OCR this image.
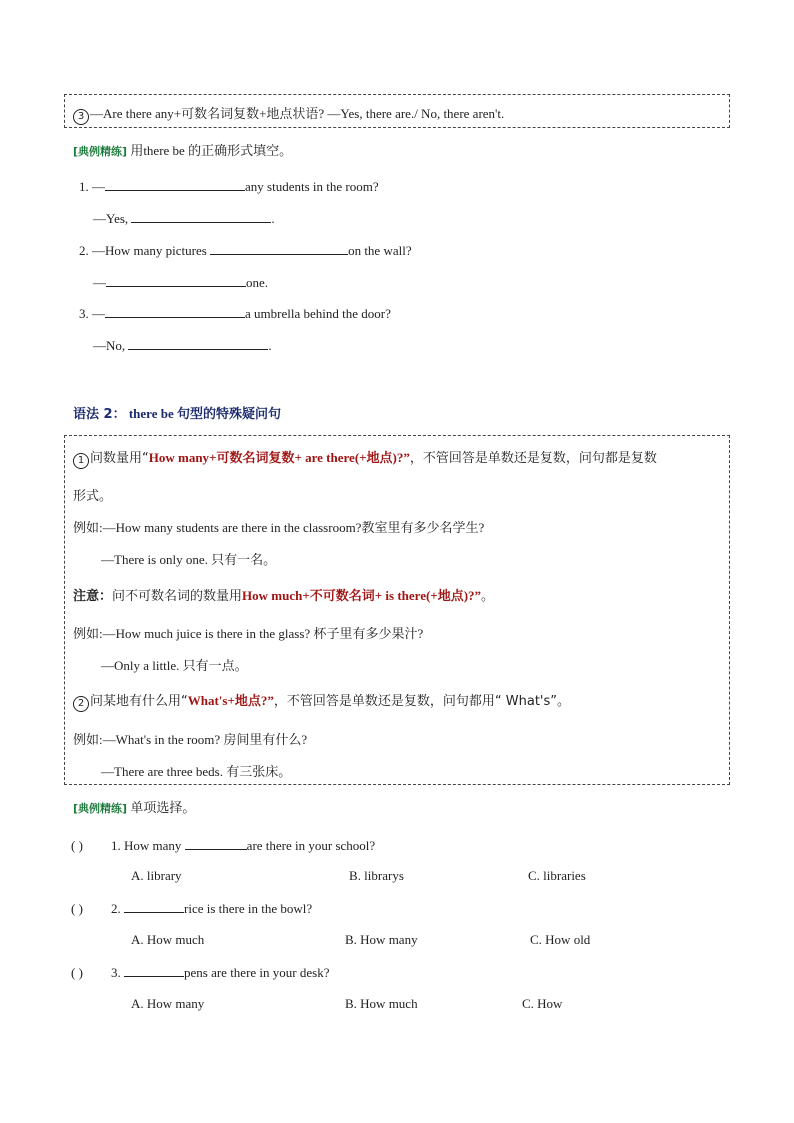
3 —Are there any+可数名词复数+地点状语? —Yes, there are./ No, there aren't.
[典例精练] 用there be 的正确形式填空。
1. —	any students in the room?
—Yes,	.
2. —How many pictures	on the wall?
—	one.
3. —	a umbrella behind the door?
—No,	.
语法 2： there be 句型的特殊疑问句
1 问数量用“How many+可数名词复数+ are there(+地点)?”，不管回答是单数还是复数，问句都是复数
形式。
例如:—How many students are there in the classroom?教室里有多少名学生?
—There is only one. 只有一名。
注意：问不可数名词的数量用How much+不可数名词+ is there(+地点)?”。
例如:—How much juice is there in the glass? 杯子里有多少果汁?
—Only a little. 只有一点。
2 问某地有什么用“What's+地点?”，不管回答是单数还是复数，问句都用“ What's”。
例如:—What's in the room? 房间里有什么?
—There are three beds. 有三张床。
[典例精练] 单项选择。
( ) 1. How many	are there in your school?
A. library	B. librarys	C. libraries
( ) 2.	rice is there in the bowl?
A. How much	B. How many	C. How old
( ) 3.	pens are there in your desk?
A. How many	B. How much	C. How
